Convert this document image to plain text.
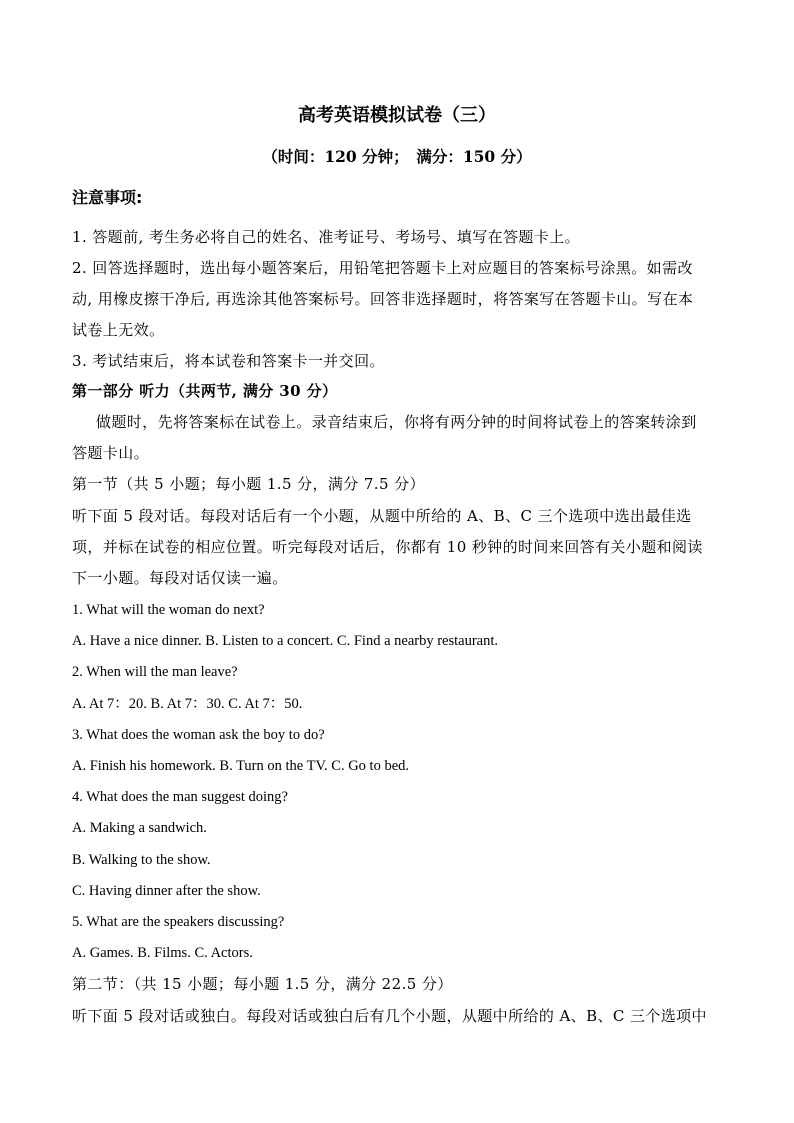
高考英语模拟试卷（三）
（时间：120 分钟；　满分：150 分）
注意事项:
1. 答题前, 考生务必将自己的姓名、准考证号、考场号、填写在答题卡上。
2. 回答选择题时，选出每小题答案后，用铅笔把答题卡上对应题目的答案标号涂黑。如需改
动, 用橡皮擦干净后, 再选涂其他答案标号。回答非选择题时，将答案写在答题卡山。写在本
试卷上无效。
3. 考试结束后，将本试卷和答案卡一并交回。
第一部分 听力（共两节, 满分 30 分）
做题时，先将答案标在试卷上。录音结束后，你将有两分钟的时间将试卷上的答案转涂到
答题卡山。
第一节（共 5 小题；每小题 1.5 分，满分 7.5 分）
听下面 5 段对话。每段对话后有一个小题，从题中所给的 A、B、C 三个选项中选出最佳选
项，并标在试卷的相应位置。听完每段对话后，你都有 10 秒钟的时间来回答有关小题和阅读
下一小题。每段对话仅读一遍。
1. What will the woman do next?
A. Have a nice dinner. B. Listen to a concert. C. Find a nearby restaurant.
2. When will the man leave?
A. At 7：20. B. At 7：30. C. At 7：50.
3. What does the woman ask the boy to do?
A. Finish his homework. B. Turn on the TV. C. Go to bed.
4. What does the man suggest doing?
A. Making a sandwich.
B. Walking to the show.
C. Having dinner after the show.
5. What are the speakers discussing?
A. Games. B. Films. C. Actors.
第二节：（共 15 小题；每小题 1.5 分，满分 22.5 分）
听下面 5 段对话或独白。每段对话或独白后有几个小题，从题中所给的 A、B、C 三个选项中
